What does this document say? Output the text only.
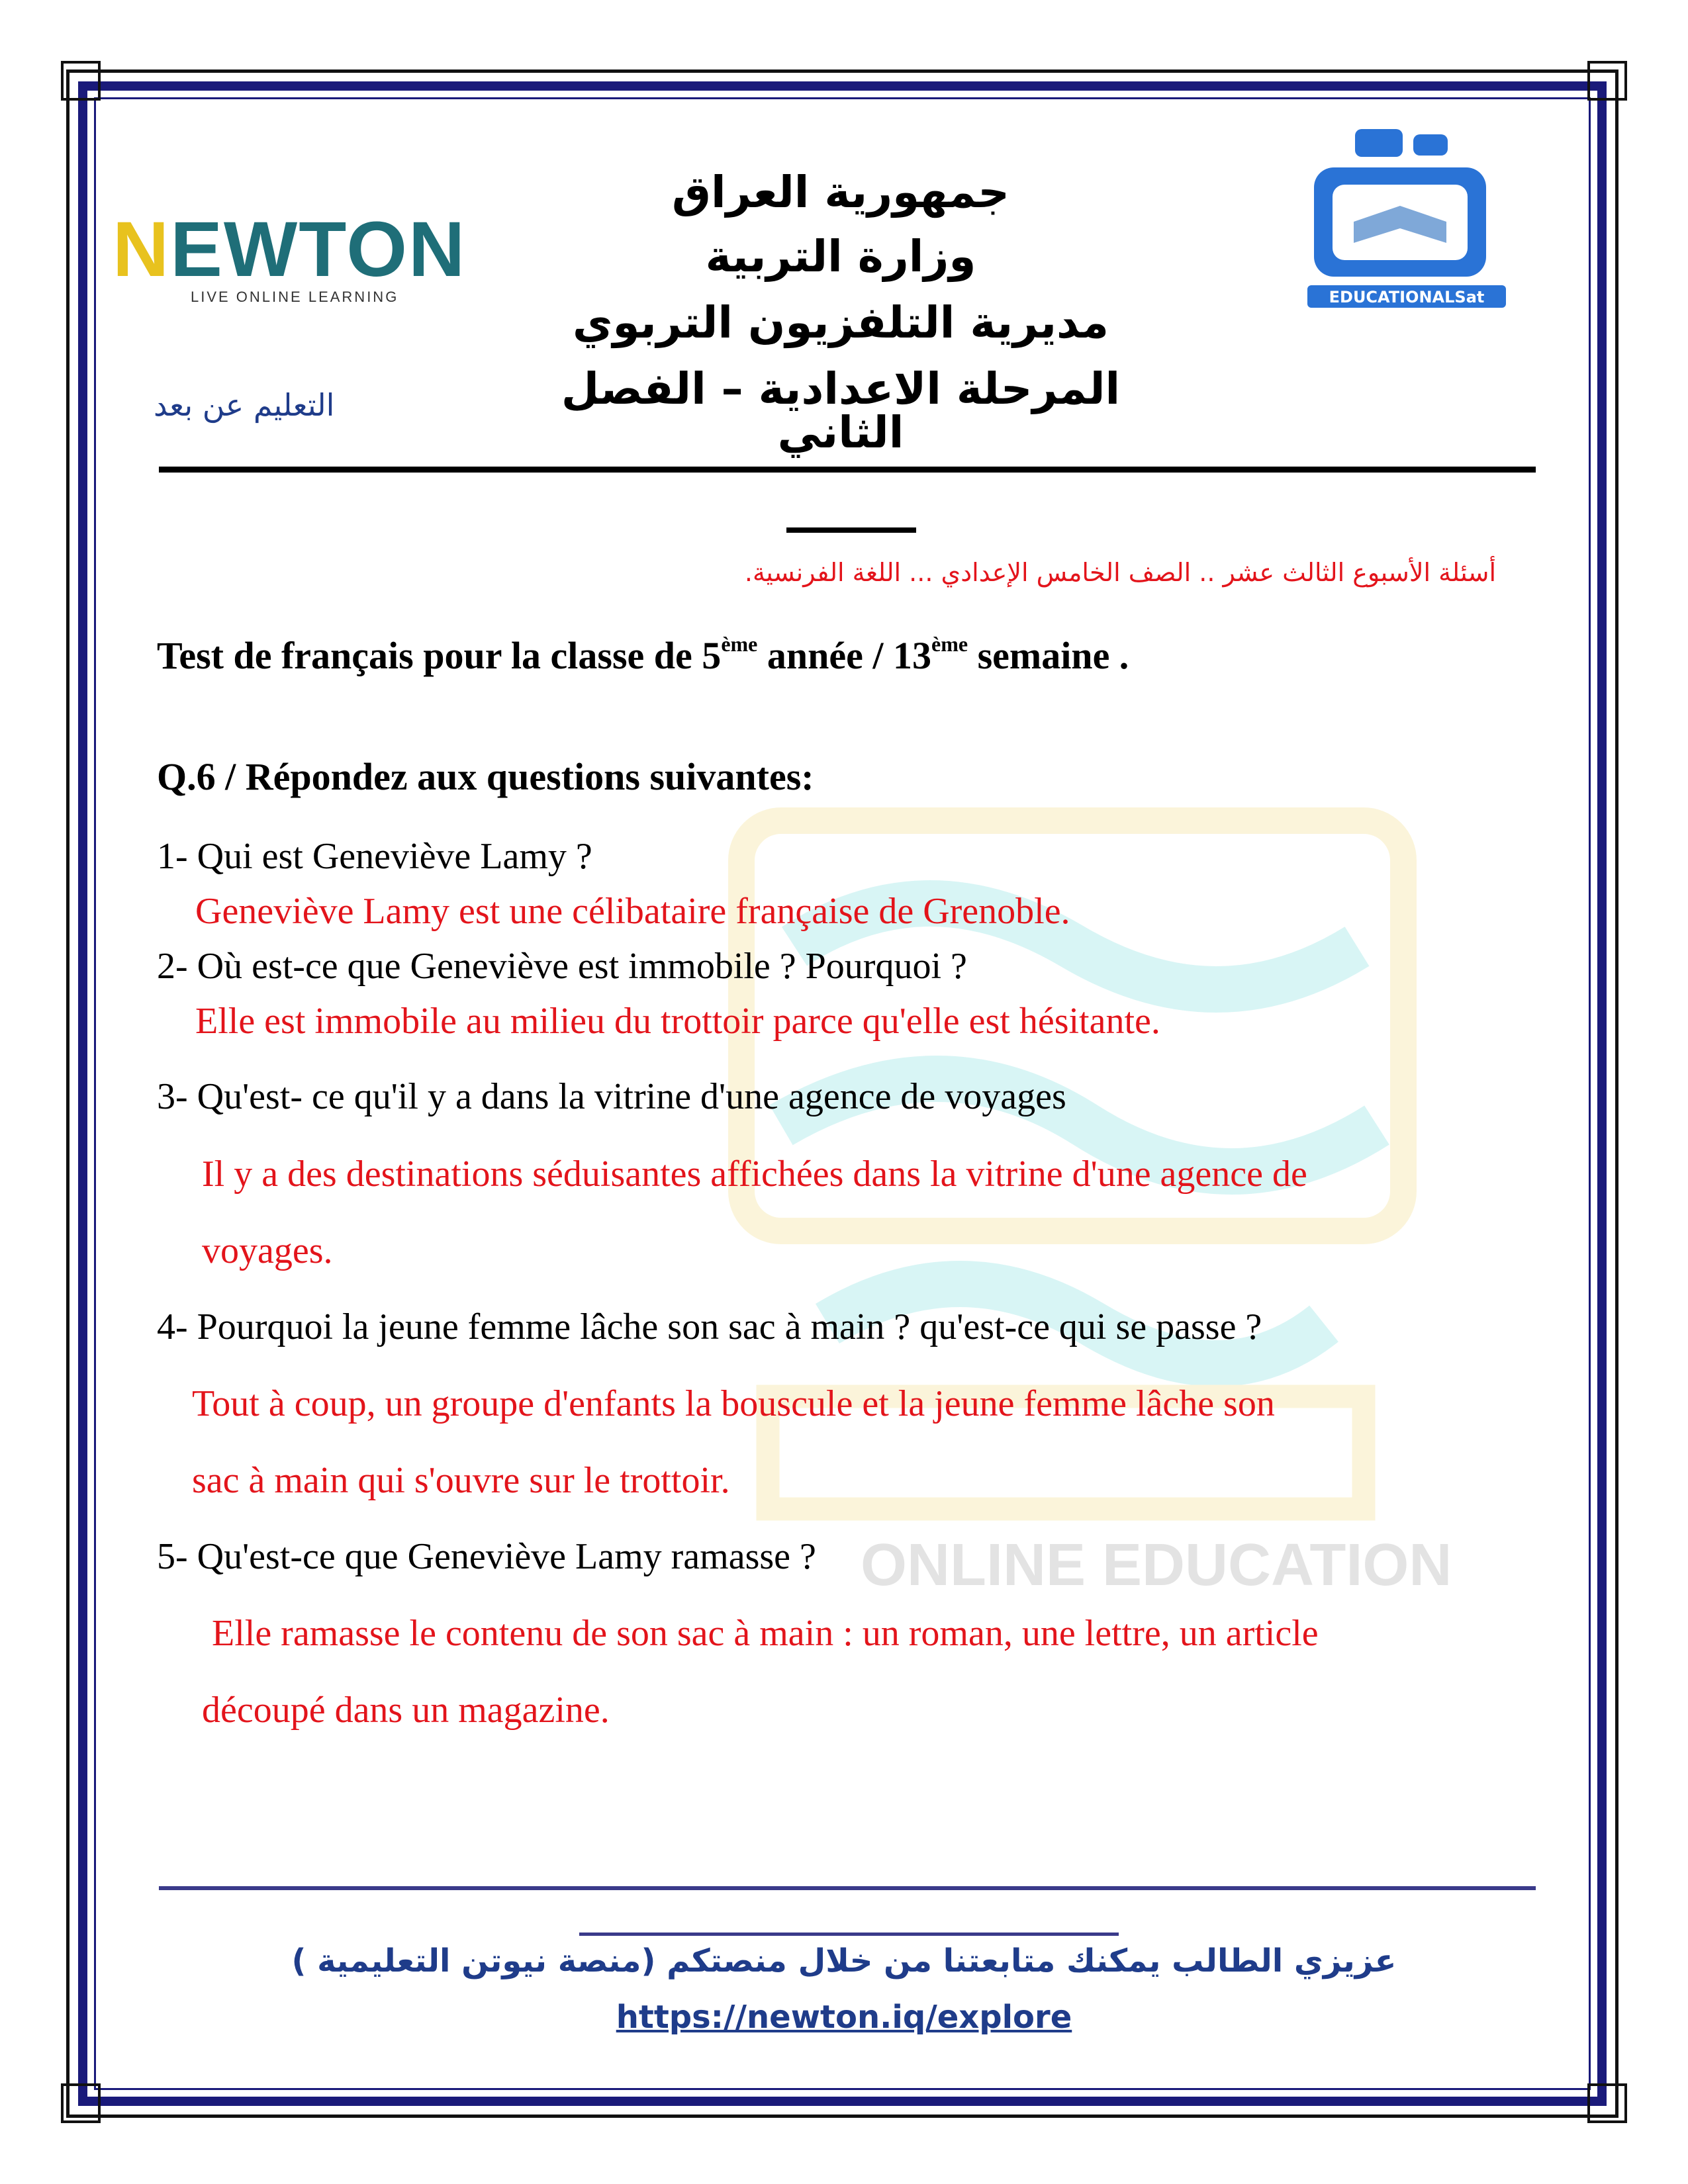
ONLINE EDUCATION
جمهورية العراق
وزارة التربية
مديرية التلفزيون التربوي
المرحلة الاعدادية – الفصل الثاني
التعليم عن بعد
NEWTON
LIVE ONLINE LEARNING	EDUCATIONALSat
أسئلة الأسبوع الثالث عشر .. الصف الخامس الإعدادي ... اللغة الفرنسية.
Test de français pour la classe de 5ème année / 13ème semaine .
Q.6 / Répondez aux questions suivantes:
1- Qui est Geneviève Lamy ?
Geneviève Lamy est une célibataire française de Grenoble.
2- Où est-ce que Geneviève est immobile ? Pourquoi ?
Elle est immobile au milieu du trottoir parce qu'elle est hésitante.
3- Qu'est- ce qu'il y a dans la vitrine d'une agence de voyages
Il y a des destinations séduisantes affichées dans la vitrine d'une agence de
voyages.
4- Pourquoi la jeune femme lâche son sac à main ? qu'est-ce qui se passe ?
Tout à coup, un groupe d'enfants la bouscule et la jeune femme lâche son
sac à main qui s'ouvre sur le trottoir.
5- Qu'est-ce que Geneviève Lamy ramasse ?
Elle ramasse le contenu de son sac à main : un roman, une lettre, un article
découpé dans un magazine.
عزيزي الطالب يمكنك متابعتنا من خلال منصتكم (منصة نيوتن التعليمية )
https://newton.iq/explore
